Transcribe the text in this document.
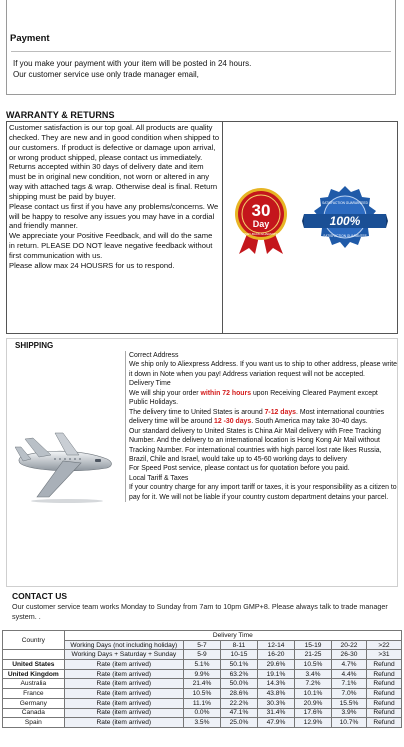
Payment
If you make your payment with your item will be posted in 24 hours.
Our customer service use only trade manager email,
WARRANTY & RETURNS
Customer satisfaction is our top goal. All products are quality checked. They are new and in good condition when shipped to our customers. If product is defective or damage upon arrival, or wrong product shipped, please contact us immediately. Returns accepted within 30 days of delivery date and item must be in original new condition, not worn or altered in any way with attached tags & wrap. Otherwise deal is final. Return shipping must be paid by buyer.
Please contact us first if you have any problems/concerns. We will be happy to resolve any issues you may have in a cordial and friendly manner.
We appreciate your Positive Feedback, and will do the same in return. PLEASE DO NOT leave negative feedback without first communication with us.
Please allow max 24 HOUSRS for us to respond.
30
Day
MONEY-BACK-GUARANTEED
SATISFACTION GUARANTEED
100%
SATISFACTION GUARANTEE
SHIPPING
Correct Address
We ship only to Aliexpress Address. If you want us to ship to other address, please write it down in Note when you pay! Address variation request will not be accepted.
Delivery Time
We will ship your order within 72 hours upon Receiving Cleared Payment except Public Holidays.
The delivery time to United States is around 7-12 days. Most international countries delivery time will be around 12 -30 days. South America may take 30-40 days.
Our standard delivery to United States is China Air Mail delivery with Free Tracking Number. And the delivery to an international location is Hong Kong Air Mail without Tracking Number. For international countries with high parcel lost rate likes Russia, Brazil, Chile and Israel, would take up to 45-60 working days to delivery
For Speed Post service, please contact us for quotation before you paid.
Local Tariff & Taxes
If your country charge for any import tariff or taxes, it is your responsibility as a citizen to pay for it. We will not be liable if your country custom department detains your parcel.
CONTACT US
Our customer service team works Monday to Sunday from 7am to 10pm GMP+8. Please always talk to trade manager system. .
Country	Delivery Time						
	Working Days (not including holiday)	5-7	8-11	12-14	15-19	20-22	>22
	Working Days + Saturday + Sunday	5-9	10-15	16-20	21-25	26-30	>31
United States	Rate (item arrived)	5.1%	50.1%	29.6%	10.5%	4.7%	Refund
United Kingdom	Rate (item arrived)	9.9%	63.2%	19.1%	3.4%	4.4%	Refund
Australia	Rate (item arrived)	21.4%	50.0%	14.3%	7.2%	7.1%	Refund
France	Rate (item arrived)	10.5%	28.6%	43.8%	10.1%	7.0%	Refund
Germany	Rate (item arrived)	11.1%	22.2%	30.3%	20.9%	15.5%	Refund
Canada	Rate (item arrived)	0.0%	47.1%	31.4%	17.6%	3.9%	Refund
Spain	Rate (item arrived)	3.5%	25.0%	47.9%	12.9%	10.7%	Refund
